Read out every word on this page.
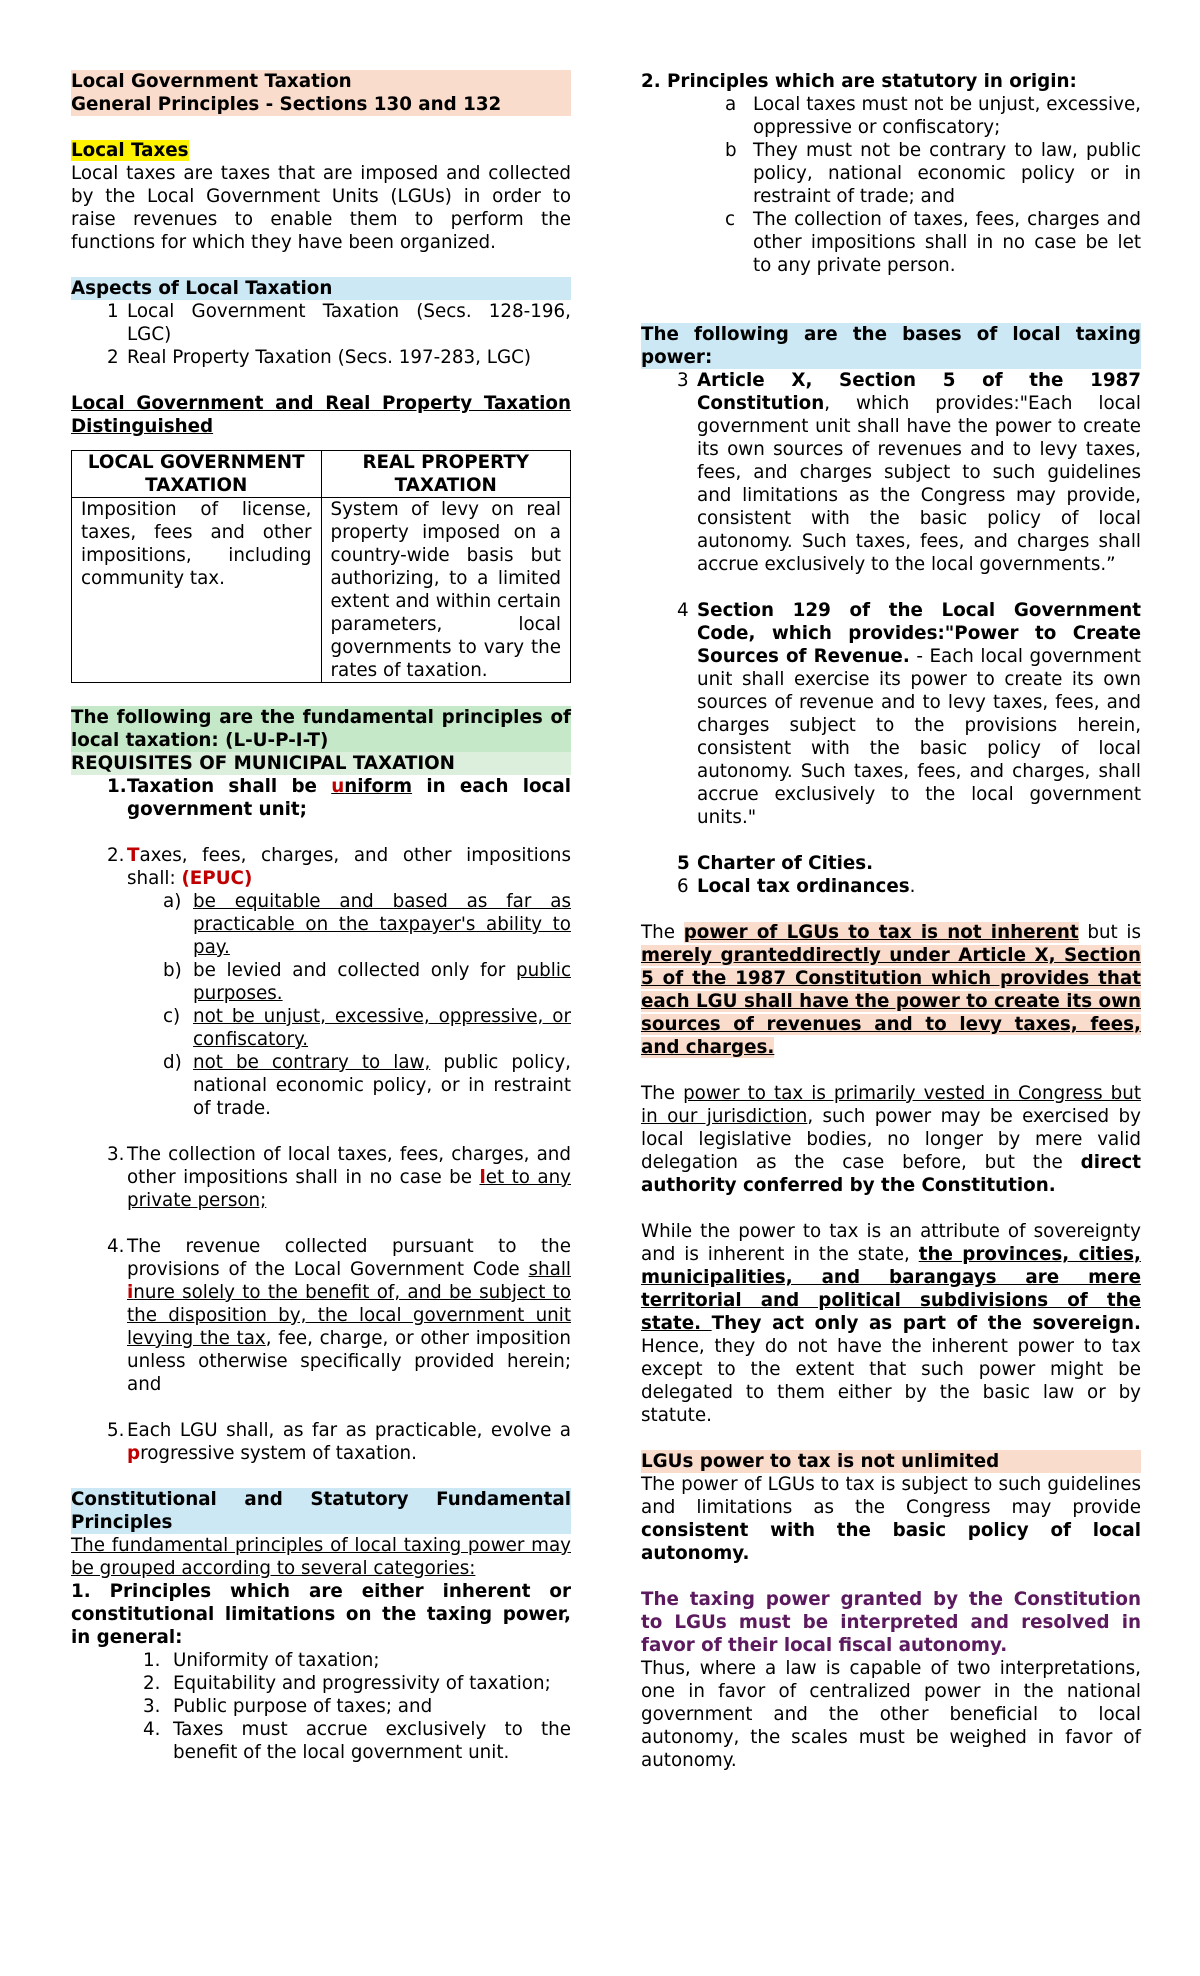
Local Government Taxation

General Principles - Sections 130 and 132

Local Taxes

Local taxes are taxes that are imposed and collected by the Local Government Units (LGUs) in order to raise revenues to enable them to perform the functions for which they have been organized.

Aspects of Local Taxation

1 Local Government Taxation (Secs. 128-196, LGC)
2 Real Property Taxation (Secs. 197-283, LGC)

Local Government and Real Property Taxation

Distinguished

LOCAL GOVERNMENT TAXATION	REAL PROPERTY TAXATION
Imposition of license, taxes, fees and other impositions, including community tax.	System of levy on real property imposed on a country-wide basis but authorizing, to a limited extent and within certain parameters, local governments to vary the rates of taxation.

The following are the fundamental principles of local taxation: (L-U-P-I-T)

REQUISITES OF MUNICIPAL TAXATION

1. Taxation shall be uniform in each local government unit;
2. Taxes, fees, charges, and other impositions shall: (EPUC)
a) be equitable and based as far as practicable on the taxpayer's ability to pay.
b) be levied and collected only for public purposes.
c) not be unjust, excessive, oppressive, or confiscatory.
d) not be contrary to law, public policy, national economic policy, or in restraint of trade.
3. The collection of local taxes, fees, charges, and other impositions shall in no case be let to any private person;
4. The revenue collected pursuant to the provisions of the Local Government Code shall inure solely to the benefit of, and be subject to the disposition by, the local government unit levying the tax, fee, charge, or other imposition unless otherwise specifically provided herein; and
5. Each LGU shall, as far as practicable, evolve a progressive system of taxation.

Constitutional and Statutory Fundamental Principles

The fundamental principles of local taxing power may be grouped according to several categories:

1. Principles which are either inherent or constitutional limitations on the taxing power, in general:

1. Uniformity of taxation;
2. Equitability and progressivity of taxation;
3. Public purpose of taxes; and
4. Taxes must accrue exclusively to the benefit of the local government unit.

2. Principles which are statutory in origin:

a Local taxes must not be unjust, excessive, oppressive or confiscatory;
b They must not be contrary to law, public policy, national economic policy or in restraint of trade; and
c The collection of taxes, fees, charges and other impositions shall in no case be let to any private person.

The following are the bases of local taxing power:

3 Article X, Section 5 of the 1987 Constitution, which provides:"Each local government unit shall have the power to create its own sources of revenues and to levy taxes, fees, and charges subject to such guidelines and limitations as the Congress may provide, consistent with the basic policy of local autonomy. Such taxes, fees, and charges shall accrue exclusively to the local governments.”
4 Section 129 of the Local Government Code, which provides:"Power to Create Sources of Revenue. - Each local government unit shall exercise its power to create its own sources of revenue and to levy taxes, fees, and charges subject to the provisions herein, consistent with the basic policy of local autonomy. Such taxes, fees, and charges, shall accrue exclusively to the local government units."
5 Charter of Cities.
6 Local tax ordinances.

The power of LGUs to tax is not inherent but is merely granteddirectly under Article X, Section 5 of the 1987 Constitution which provides that each LGU shall have the power to create its own sources of revenues and to levy taxes, fees, and charges.

The power to tax is primarily vested in Congress but in our jurisdiction, such power may be exercised by local legislative bodies, no longer by mere valid delegation as the case before, but the direct authority conferred by the Constitution.

While the power to tax is an attribute of sovereignty and is inherent in the state, the provinces, cities, municipalities, and barangays are mere territorial and political subdivisions of the state. They act only as part of the sovereign. Hence, they do not have the inherent power to tax except to the extent that such power might be delegated to them either by the basic law or by statute.

LGUs power to tax is not unlimited

The power of LGUs to tax is subject to such guidelines and limitations as the Congress may provide consistent with the basic policy of local autonomy.

The taxing power granted by the Constitution to LGUs must be interpreted and resolved in favor of their local fiscal autonomy.

Thus, where a law is capable of two interpretations, one in favor of centralized power in the national government and the other beneficial to local autonomy, the scales must be weighed in favor of autonomy.
